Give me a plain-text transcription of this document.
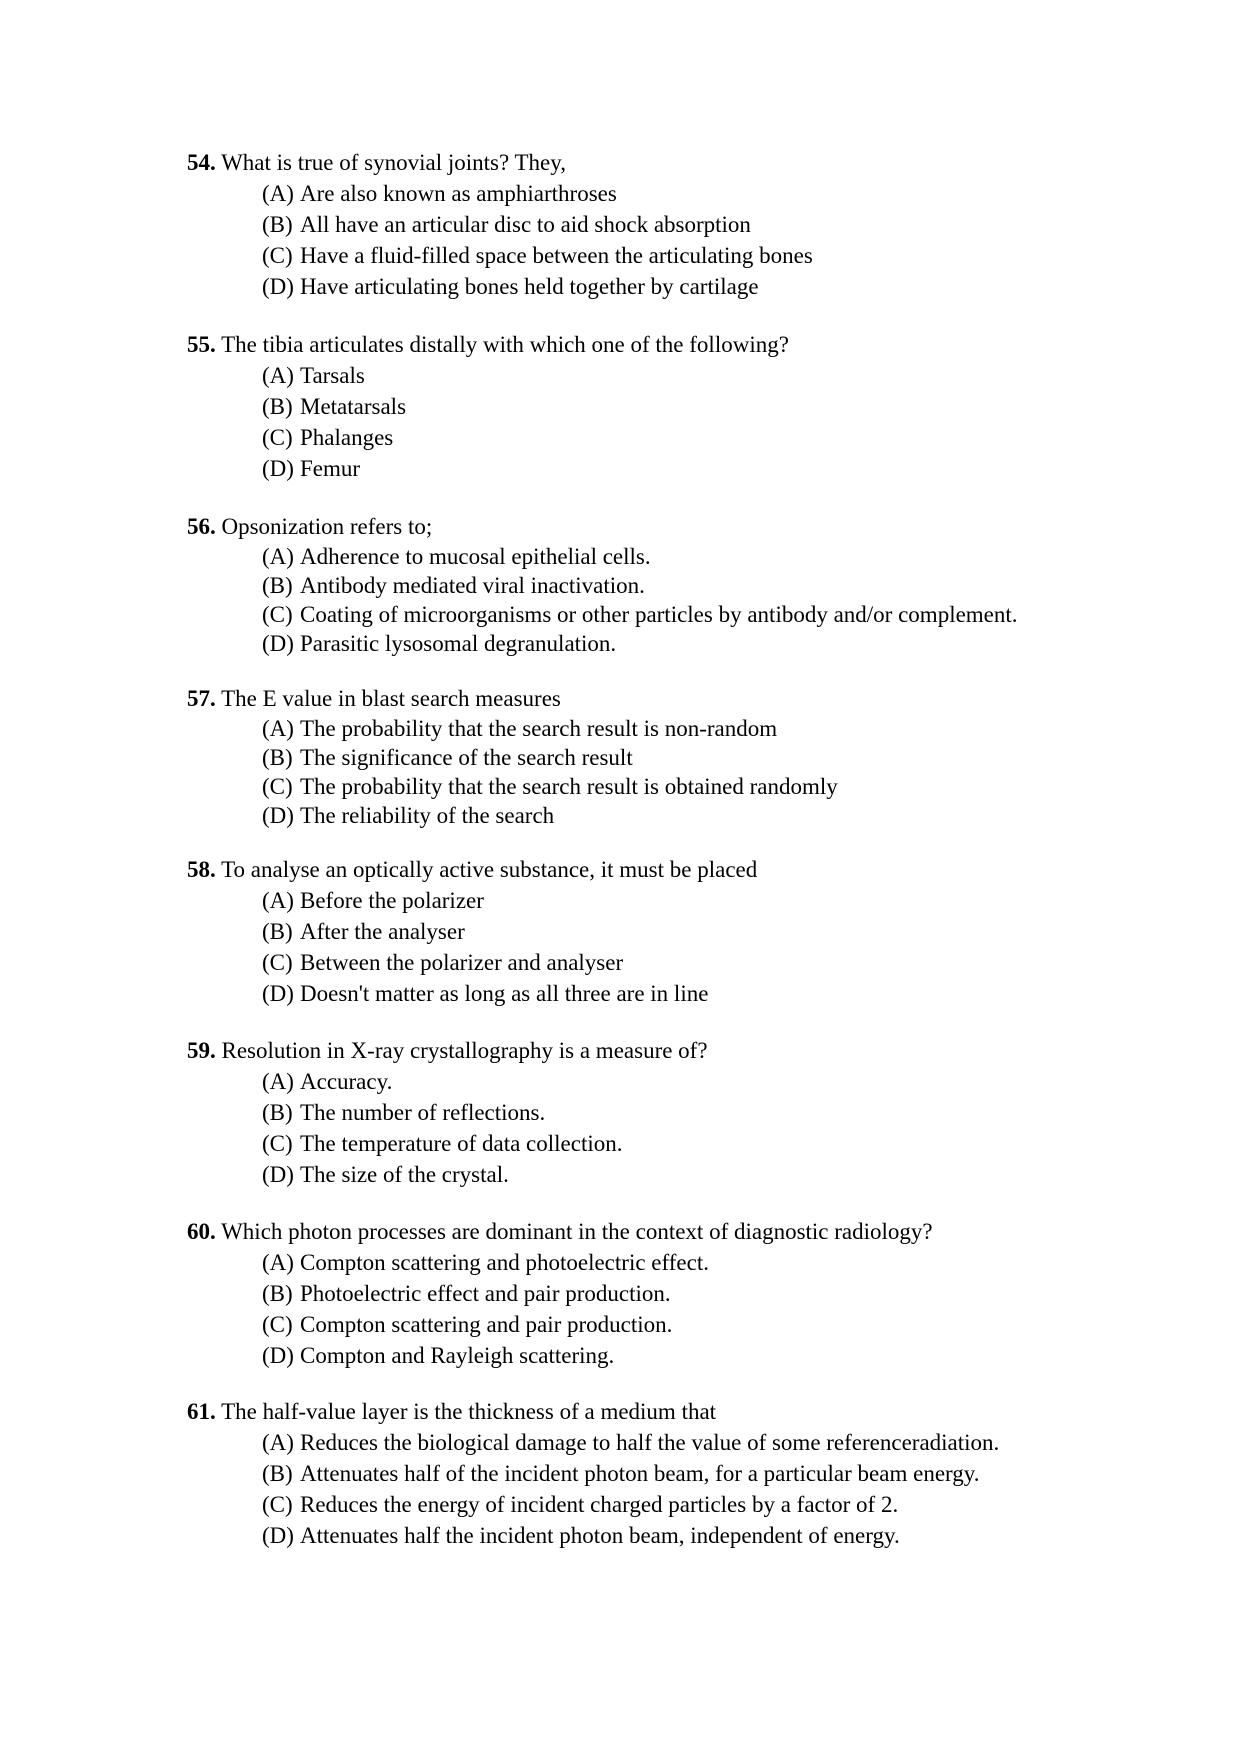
54. What is true of synovial joints? They,
(A) Are also known as amphiarthroses
(B) All have an articular disc to aid shock absorption
(C) Have a fluid-filled space between the articulating bones
(D) Have articulating bones held together by cartilage
55. The tibia articulates distally with which one of the following?
(A) Tarsals
(B) Metatarsals
(C) Phalanges
(D) Femur
56. Opsonization refers to;
(A) Adherence to mucosal epithelial cells.
(B) Antibody mediated viral inactivation.
(C) Coating of microorganisms or other particles by antibody and/or complement.
(D) Parasitic lysosomal degranulation.
57. The E value in blast search measures
(A) The probability that the search result is non-random
(B) The significance of the search result
(C) The probability that the search result is obtained randomly
(D) The reliability of the search
58. To analyse an optically active substance, it must be placed
(A) Before the polarizer
(B) After the analyser
(C) Between the polarizer and analyser
(D) Doesn't matter as long as all three are in line
59. Resolution in X-ray crystallography is a measure of?
(A) Accuracy.
(B) The number of reflections.
(C) The temperature of data collection.
(D) The size of the crystal.
60. Which photon processes are dominant in the context of diagnostic radiology?
(A) Compton scattering and photoelectric effect.
(B) Photoelectric effect and pair production.
(C) Compton scattering and pair production.
(D) Compton and Rayleigh scattering.
61. The half-value layer is the thickness of a medium that
(A) Reduces the biological damage to half the value of some referenceradiation.
(B) Attenuates half of the incident photon beam, for a particular beam energy.
(C) Reduces the energy of incident charged particles by a factor of 2.
(D) Attenuates half the incident photon beam, independent of energy.
